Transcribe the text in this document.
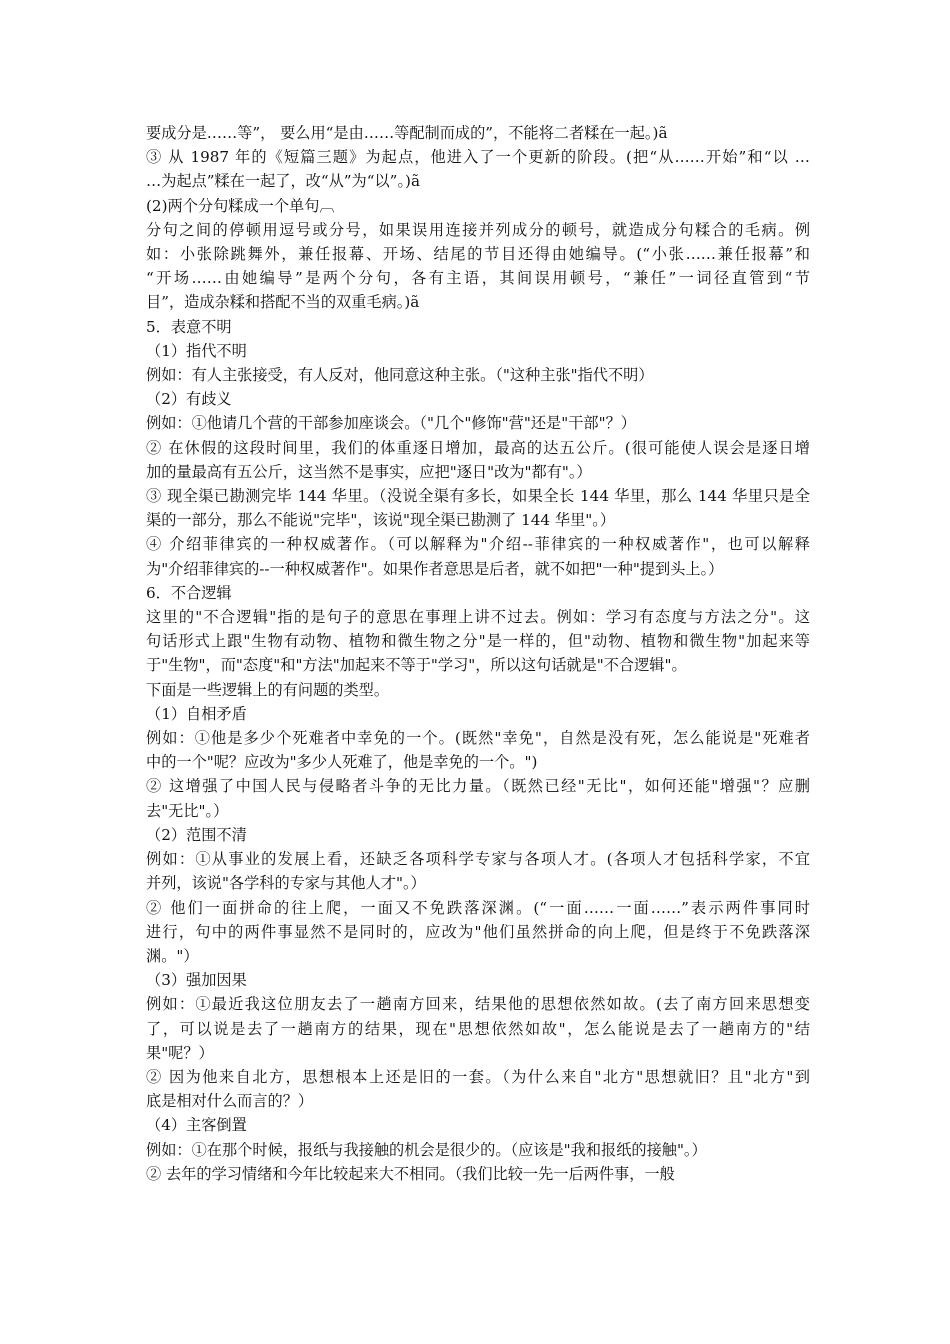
要成分是……等”， 要么用“是由……等配制而成的”，不能将二者糅在一起。)ã
③ 从 1987 年的《短篇三题》为起点，他进入了一个更新的阶段。(把“从……开始”和“以 …
…为起点”糅在一起了，改“从”为“以”。)ã
(2)两个分句糅成一个单句︹
分句之间的停顿用逗号或分号，如果误用连接并列成分的顿号，就造成分句糅合的毛病。例
如：小张除跳舞外，兼任报幕、开场、结尾的节目还得由她编导。(“小张……兼任报幕”和
“开场……由她编导”是两个分句，各有主语，其间误用顿号，“兼任”一词径直管到“节
目”，造成杂糅和搭配不当的双重毛病。)ã
5．表意不明
（1）指代不明
例如：有人主张接受，有人反对，他同意这种主张。（"这种主张"指代不明）
（2）有歧义
例如：①他请几个营的干部参加座谈会。（"几个"修饰"营"还是"干部"？）
② 在休假的这段时间里，我们的体重逐日增加，最高的达五公斤。(很可能使人误会是逐日增
加的量最高有五公斤，这当然不是事实，应把"逐日"改为"都有"。）
③ 现全渠已勘测完毕 144 华里。（没说全渠有多长，如果全长 144 华里，那么 144 华里只是全
渠的一部分，那么不能说"完毕"，该说"现全渠已勘测了 144 华里"。）
④ 介绍菲律宾的一种权威著作。（可以解释为"介绍--菲律宾的一种权威著作"，也可以解释
为"介绍菲律宾的--一种权威著作"。如果作者意思是后者，就不如把"一种"提到头上。）
6．不合逻辑
这里的"不合逻辑"指的是句子的意思在事理上讲不过去。例如：学习有态度与方法之分"。这
句话形式上跟"生物有动物、植物和微生物之分"是一样的，但"动物、植物和微生物"加起来等
于"生物"，而"态度"和"方法"加起来不等于"学习"，所以这句话就是"不合逻辑"。
下面是一些逻辑上的有问题的类型。
（1）自相矛盾
例如：①他是多少个死难者中幸免的一个。(既然"幸免"，自然是没有死，怎么能说是"死难者
中的一个"呢？应改为"多少人死难了，他是幸免的一个。")
② 这增强了中国人民与侵略者斗争的无比力量。（既然已经"无比"，如何还能"增强"？应删
去"无比"。）
（2）范围不清
例如：①从事业的发展上看，还缺乏各项科学专家与各项人才。(各项人才包括科学家，不宜
并列，该说"各学科的专家与其他人才"。）
② 他们一面拼命的往上爬，一面又不免跌落深渊。(“一面……一面……”表示两件事同时
进行，句中的两件事显然不是同时的，应改为"他们虽然拼命的向上爬，但是终于不免跌落深
渊。"）
（3）强加因果
例如：①最近我这位朋友去了一趟南方回来，结果他的思想依然如故。(去了南方回来思想变
了，可以说是去了一趟南方的结果，现在"思想依然如故"，怎么能说是去了一趟南方的"结
果"呢？）
② 因为他来自北方，思想根本上还是旧的一套。（为什么来自"北方"思想就旧？且"北方"到
底是相对什么而言的？）
（4）主客倒置
例如：①在那个时候，报纸与我接触的机会是很少的。（应该是"我和报纸的接触"。）
② 去年的学习情绪和今年比较起来大不相同。（我们比较一先一后两件事，一般
